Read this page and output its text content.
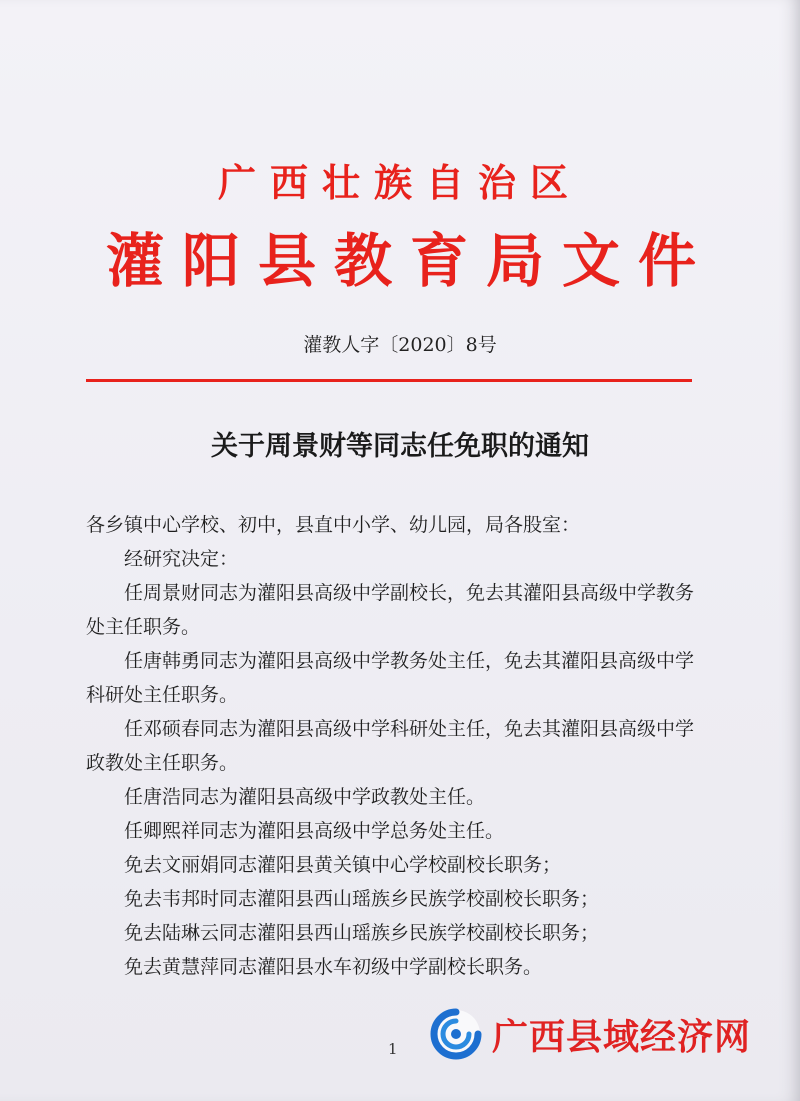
广西壮族自治区
灌阳县教育局文件
灌教人字〔2020〕8号
关于周景财等同志任免职的通知

各乡镇中心学校、初中，县直中小学、幼儿园，局各股室：

经研究决定：

任周景财同志为灌阳县高级中学副校长，免去其灌阳县高级中学教务处主任职务。

任唐韩勇同志为灌阳县高级中学教务处主任，免去其灌阳县高级中学科研处主任职务。

任邓硕春同志为灌阳县高级中学科研处主任，免去其灌阳县高级中学政教处主任职务。

任唐浩同志为灌阳县高级中学政教处主任。

任卿熙祥同志为灌阳县高级中学总务处主任。

免去文丽娟同志灌阳县黄关镇中心学校副校长职务；

免去韦邦时同志灌阳县西山瑶族乡民族学校副校长职务；

免去陆琳云同志灌阳县西山瑶族乡民族学校副校长职务；

免去黄慧萍同志灌阳县水车初级中学副校长职务。

1	广西县域经济网
